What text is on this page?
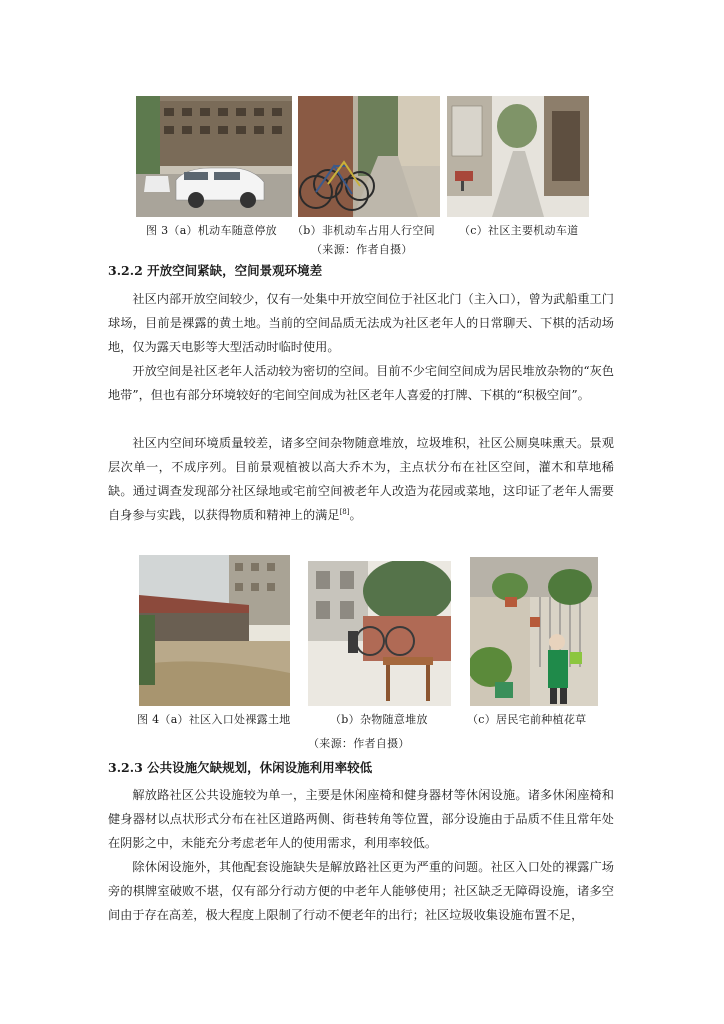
图 3（a）机动车随意停放 （b）非机动车占用人行空间 （c）社区主要机动车道
（来源：作者自摄）
3.2.2 开放空间紧缺，空间景观环境差
社区内部开放空间较少，仅有一处集中开放空间位于社区北门（主入口），曾为武船重工门球场，目前是裸露的黄土地。当前的空间品质无法成为社区老年人的日常聊天、下棋的活动场地，仅为露天电影等大型活动时临时使用。
开放空间是社区老年人活动较为密切的空间。目前不少宅间空间成为居民堆放杂物的“灰色地带”，但也有部分环境较好的宅间空间成为社区老年人喜爱的打牌、下棋的“积极空间”。
社区内空间环境质量较差，诸多空间杂物随意堆放，垃圾堆积，社区公厕臭味熏天。景观层次单一，不成序列。目前景观植被以高大乔木为，主点状分布在社区空间，灌木和草地稀缺。通过调查发现部分社区绿地或宅前空间被老年人改造为花园或菜地，这印证了老年人需要自身参与实践，以获得物质和精神上的满足[8]。
图 4（a）社区入口处裸露土地	（b）杂物随意堆放	（c）居民宅前种植花草
（来源：作者自摄）
3.2.3 公共设施欠缺规划，休闲设施利用率较低
解放路社区公共设施较为单一，主要是休闲座椅和健身器材等休闲设施。诸多休闲座椅和健身器材以点状形式分布在社区道路两侧、街巷转角等位置，部分设施由于品质不佳且常年处在阴影之中，未能充分考虑老年人的使用需求，利用率较低。
除休闲设施外，其他配套设施缺失是解放路社区更为严重的问题。社区入口处的裸露广场旁的棋牌室破败不堪，仅有部分行动方便的中老年人能够使用；社区缺乏无障碍设施，诸多空间由于存在高差，极大程度上限制了行动不便老年的出行；社区垃圾收集设施布置不足，
